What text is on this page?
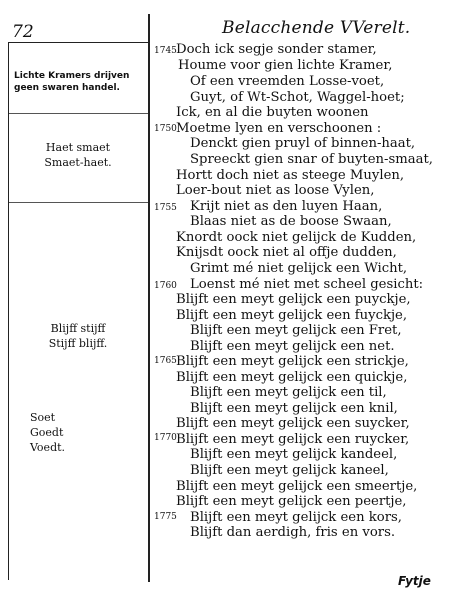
72	Belacchende VVerelt.
Lichte Kramers drijven
geen swaren handel.
Haet smaet
Smaet-haet.
Blijff stijff
Stijff blijff.
Soet
Goedt
Voedt.
1745
1750
1755
1760
1765
1770
1775
Doch ick segje sonder stamer,
Houme voor gien lichte Kramer,
Of een vreemden Losse-voet,
Guyt, of Wt-Schot, Waggel-hoet;
Ick, en al die buyten woonen
Moetme lyen en verschoonen :
Denckt gien pruyl of binnen-haat,
Spreeckt gien snar of buyten-smaat,
Hortt doch niet as steege Muylen,
Loer-bout niet as loose Vylen,
Krijt niet as den luyen Haan,
Blaas niet as de boose Swaan,
Knordt oock niet gelijck de Kudden,
Knijsdt oock niet al offje dudden,
Grimt mé niet gelijck een Wicht,
Loenst mé niet met scheel gesicht:
Blijft een meyt gelijck een puyckje,
Blijft een meyt gelijck een fuyckje,
Blijft een meyt gelijck een Fret,
Blijft een meyt gelijck een net.
Blijft een meyt gelijck een strickje,
Blijft een meyt gelijck een quickje,
Blijft een meyt gelijck een til,
Blijft een meyt gelijck een knil,
Blijft een meyt gelijck een suycker,
Blijft een meyt gelijck een ruycker,
Blijft een meyt gelijck kandeel,
Blijft een meyt gelijck kaneel,
Blijft een meyt gelijck een smeertje,
Blijft een meyt gelijck een peertje,
Blijft een meyt gelijck een kors,
Blijft dan aerdigh, fris en vors.
Fytje
